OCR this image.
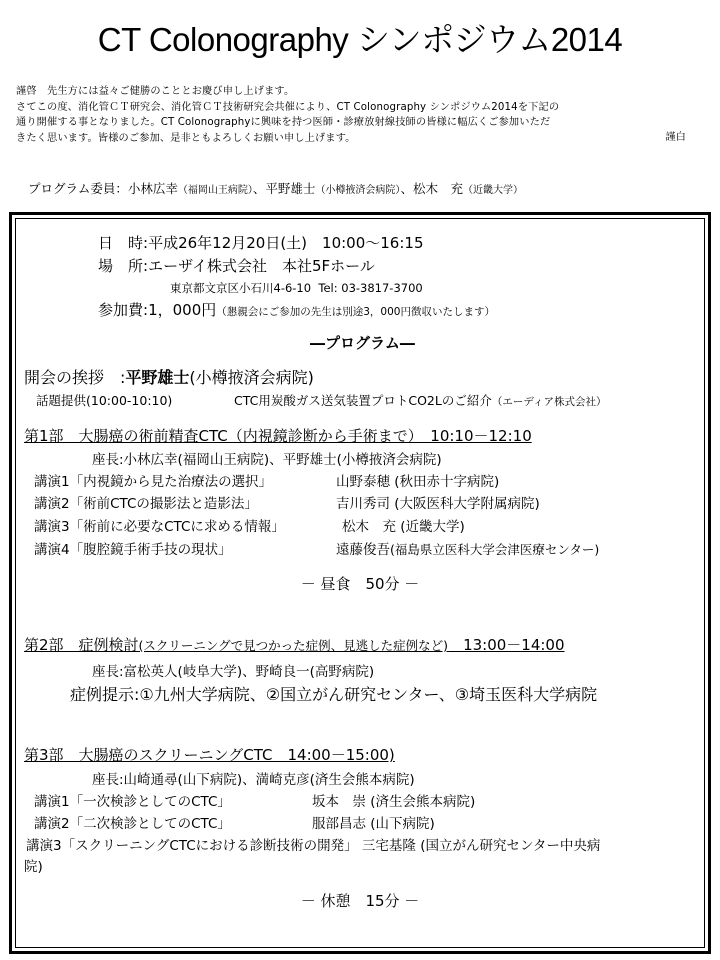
CT Colonography シンポジウム2014
謹啓　先生方には益々ご健勝のこととお慶び申し上げます。
さてこの度、消化管ＣＴ研究会、消化管ＣＴ技術研究会共催により、CT Colonography シンポジウム2014を下記の
通り開催する事となりました。CT Colonographyに興味を持つ医師・診療放射線技師の皆様に幅広くご参加いただ
きたく思います。皆様のご参加、是非ともよろしくお願い申し上げます。	謹白
プログラム委員：小林広幸（福岡山王病院）、平野雄士（小樽掖済会病院）、松木　充（近畿大学）
日　時:平成26年12月20日(土)　10:00～16:15
場　所:エーザイ株式会社　本社5Fホール
東京都文京区小石川4-6-10 Tel: 03-3817-3700
参加費:1，000円（懇親会にご参加の先生は別途3，000円徴収いたします）
―プログラム―
開会の挨拶　:平野雄士(小樽掖済会病院)
話題提供(10:00-10:10)	CTC用炭酸ガス送気装置プロトCO2Lのご紹介（エーディア株式会社）
第1部　大腸癌の術前精査CTC（内視鏡診断から手術まで）　10:10－12:10
座長:小林広幸(福岡山王病院)、平野雄士(小樽掖済会病院)
講演1「内視鏡から見た治療法の選択」	山野泰穂 (秋田赤十字病院)
講演2「術前CTCの撮影法と造影法」	吉川秀司 (大阪医科大学附属病院)
講演3「術前に必要なCTCに求める情報」	松木　充 (近畿大学)
講演4「腹腔鏡手術手技の現状」	遠藤俊吾(福島県立医科大学会津医療センター)
－ 昼食　50分 －
第2部　症例検討(スクリーニングで見つかった症例、見逃した症例など)　13:00－14:00
座長:富松英人(岐阜大学)、野崎良一(高野病院)
症例提示:①九州大学病院、②国立がん研究センター、③埼玉医科大学病院
第3部　大腸癌のスクリーニングCTC　14:00－15:00)
座長:山崎通尋(山下病院)、満崎克彦(済生会熊本病院)
講演1「一次検診としてのCTC」	坂本　崇 (済生会熊本病院)
講演2「二次検診としてのCTC」	服部昌志 (山下病院)
講演3「スクリーニングCTCにおける診断技術の開発」 三宅基隆 (国立がん研究センター中央病
院)
－ 休憩　15分 －
